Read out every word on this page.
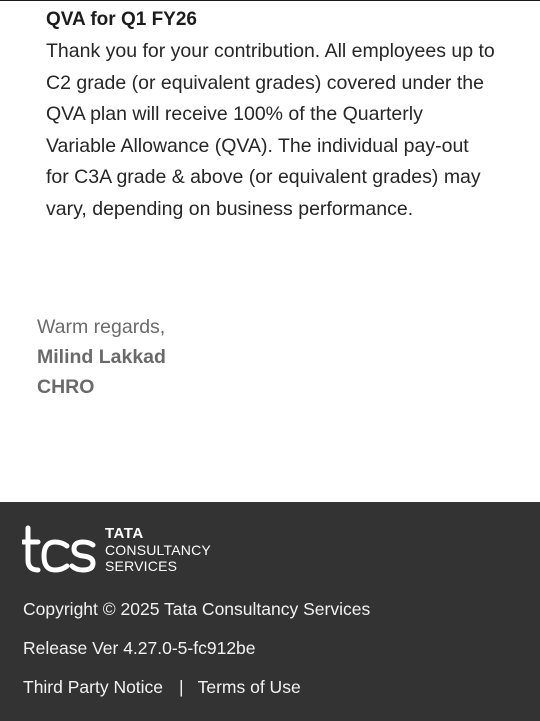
QVA for Q1 FY26

Thank you for your contribution. All employees up to C2 grade (or equivalent grades) covered under the QVA plan will receive 100% of the Quarterly Variable Allowance (QVA). The individual pay-out for C3A grade & above (or equivalent grades) may vary, depending on business performance.

Warm regards,
Milind Lakkad
CHRO
TATA
CONSULTANCY
SERVICES
Copyright © 2025 Tata Consultancy Services
Release Ver 4.27.0-5-fc912be
Third Party Notice | Terms of Use
